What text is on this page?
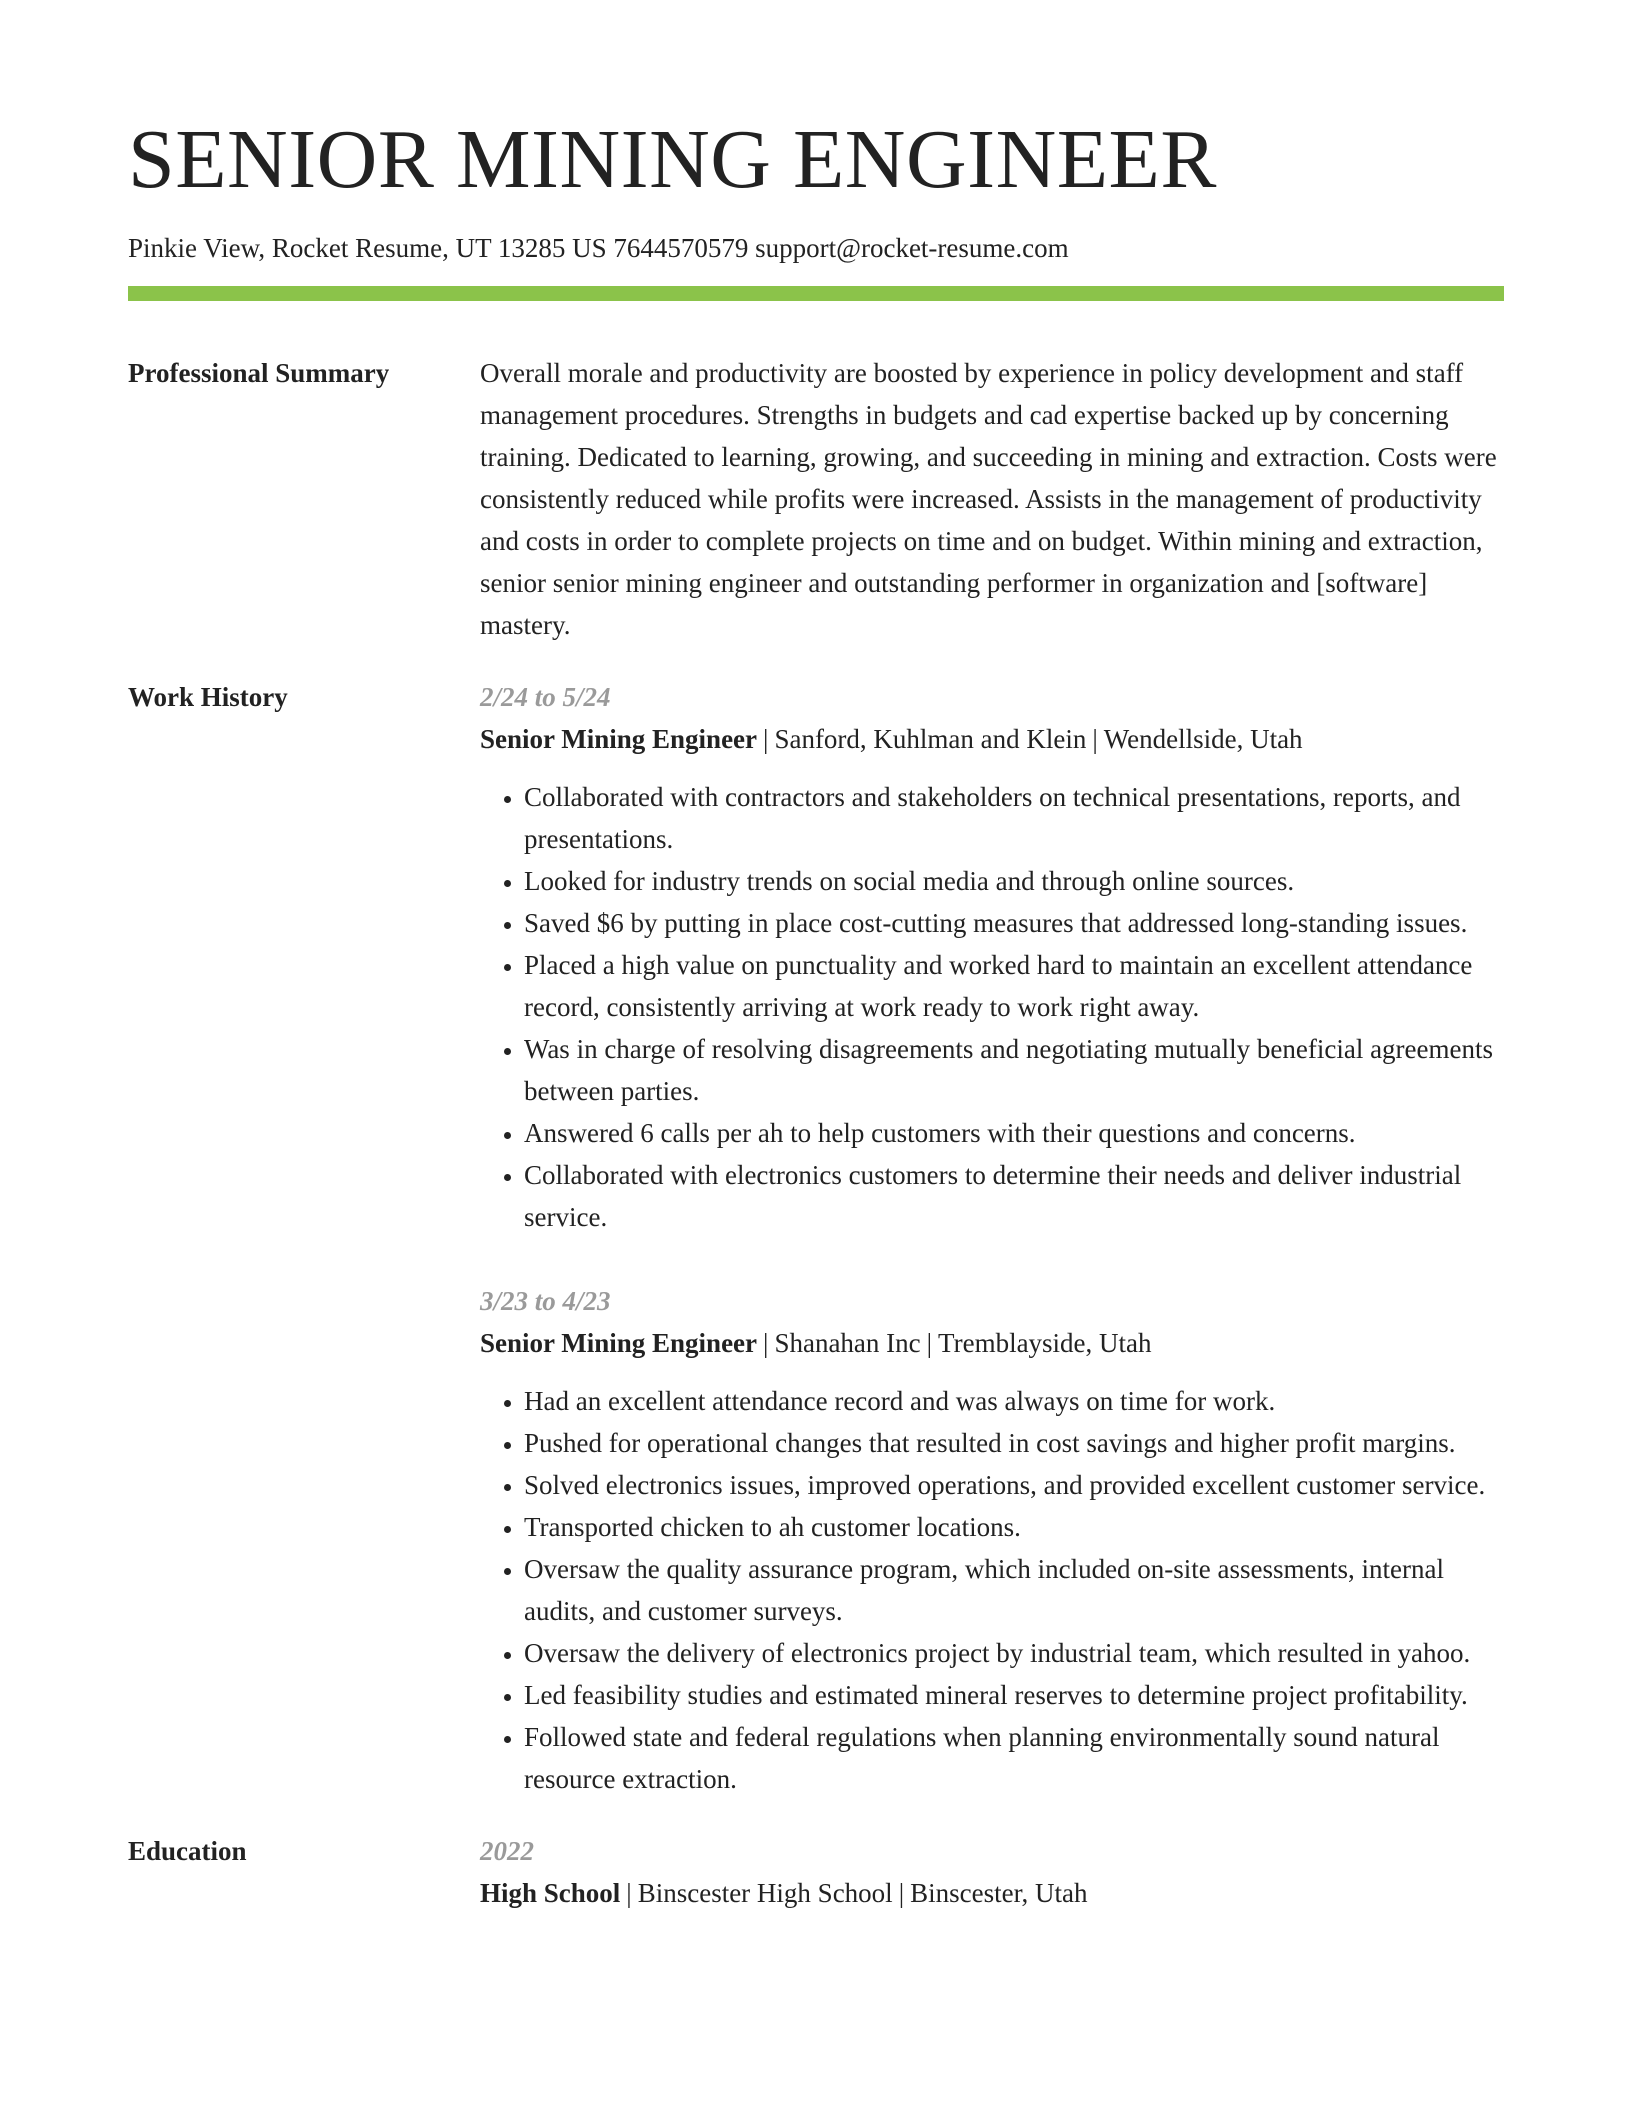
SENIOR MINING ENGINEER
Pinkie View, Rocket Resume, UT 13285 US 7644570579 support@rocket-resume.com
Professional Summary	Overall morale and productivity are boosted by experience in policy development and staff management procedures. Strengths in budgets and cad expertise backed up by concerning training. Dedicated to learning, growing, and succeeding in mining and extraction. Costs were consistently reduced while profits were increased. Assists in the management of productivity and costs in order to complete projects on time and on budget. Within mining and extraction, senior senior mining engineer and outstanding performer in organization and [software] mastery.

Work History	2/24 to 5/24
Senior Mining Engineer | Sanford, Kuhlman and Klein | Wendellside, Utah
• Collaborated with contractors and stakeholders on technical presentations, reports, and presentations.
• Looked for industry trends on social media and through online sources.
• Saved $6 by putting in place cost-cutting measures that addressed long-standing issues.
• Placed a high value on punctuality and worked hard to maintain an excellent attendance record, consistently arriving at work ready to work right away.
• Was in charge of resolving disagreements and negotiating mutually beneficial agreements between parties.
• Answered 6 calls per ah to help customers with their questions and concerns.
• Collaborated with electronics customers to determine their needs and deliver industrial service.
3/23 to 4/23
Senior Mining Engineer | Shanahan Inc | Tremblayside, Utah
• Had an excellent attendance record and was always on time for work.
• Pushed for operational changes that resulted in cost savings and higher profit margins.
• Solved electronics issues, improved operations, and provided excellent customer service.
• Transported chicken to ah customer locations.
• Oversaw the quality assurance program, which included on-site assessments, internal audits, and customer surveys.
• Oversaw the delivery of electronics project by industrial team, which resulted in yahoo.
• Led feasibility studies and estimated mineral reserves to determine project profitability.
• Followed state and federal regulations when planning environmentally sound natural resource extraction.
Education	2022
High School | Binscester High School | Binscester, Utah
